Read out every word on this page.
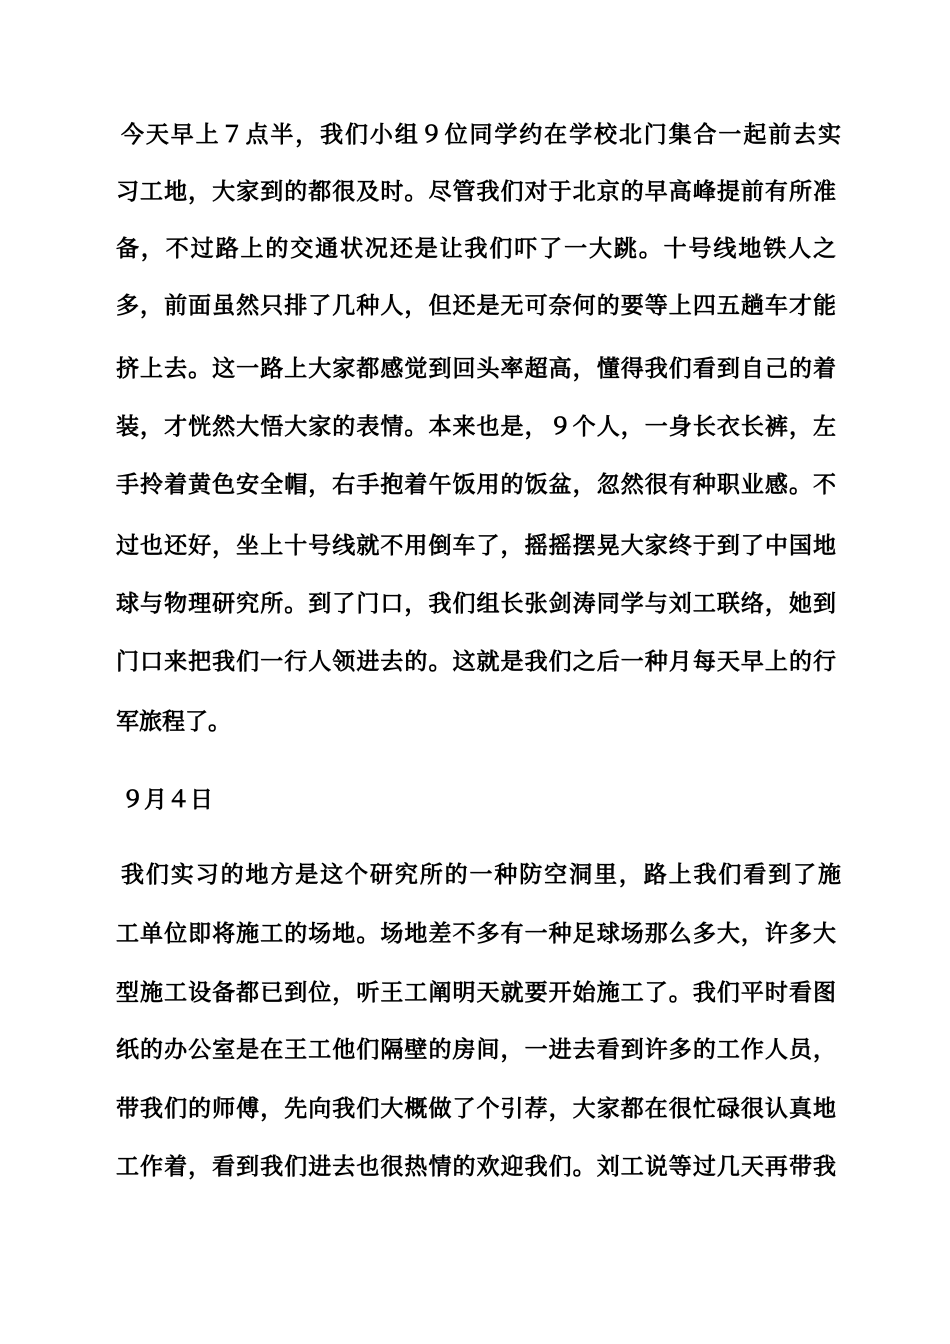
今天早上７点半，我们小组９位同学约在学校北门集合一起前去实
习工地，大家到的都很及时。尽管我们对于北京的早高峰提前有所准
备，不过路上的交通状况还是让我们吓了一大跳。十号线地铁人之
多，前面虽然只排了几种人，但还是无可奈何的要等上四五趟车才能
挤上去。这一路上大家都感觉到回头率超高，懂得我们看到自己的着
装，才恍然大悟大家的表情。本来也是，９个人，一身长衣长裤，左
手拎着黄色安全帽，右手抱着午饭用的饭盆，忽然很有种职业感。不
过也还好，坐上十号线就不用倒车了，摇摇摆晃大家终于到了中国地
球与物理研究所。到了门口，我们组长张剑涛同学与刘工联络，她到
门口来把我们一行人领进去的。这就是我们之后一种月每天早上的行
军旅程了。
９月４日
我们实习的地方是这个研究所的一种防空洞里，路上我们看到了施
工单位即将施工的场地。场地差不多有一种足球场那么多大，许多大
型施工设备都已到位，听王工阐明天就要开始施工了。我们平时看图
纸的办公室是在王工他们隔壁的房间，一进去看到许多的工作人员，
带我们的师傅，先向我们大概做了个引荐，大家都在很忙碌很认真地
工作着，看到我们进去也很热情的欢迎我们。刘工说等过几天再带我
